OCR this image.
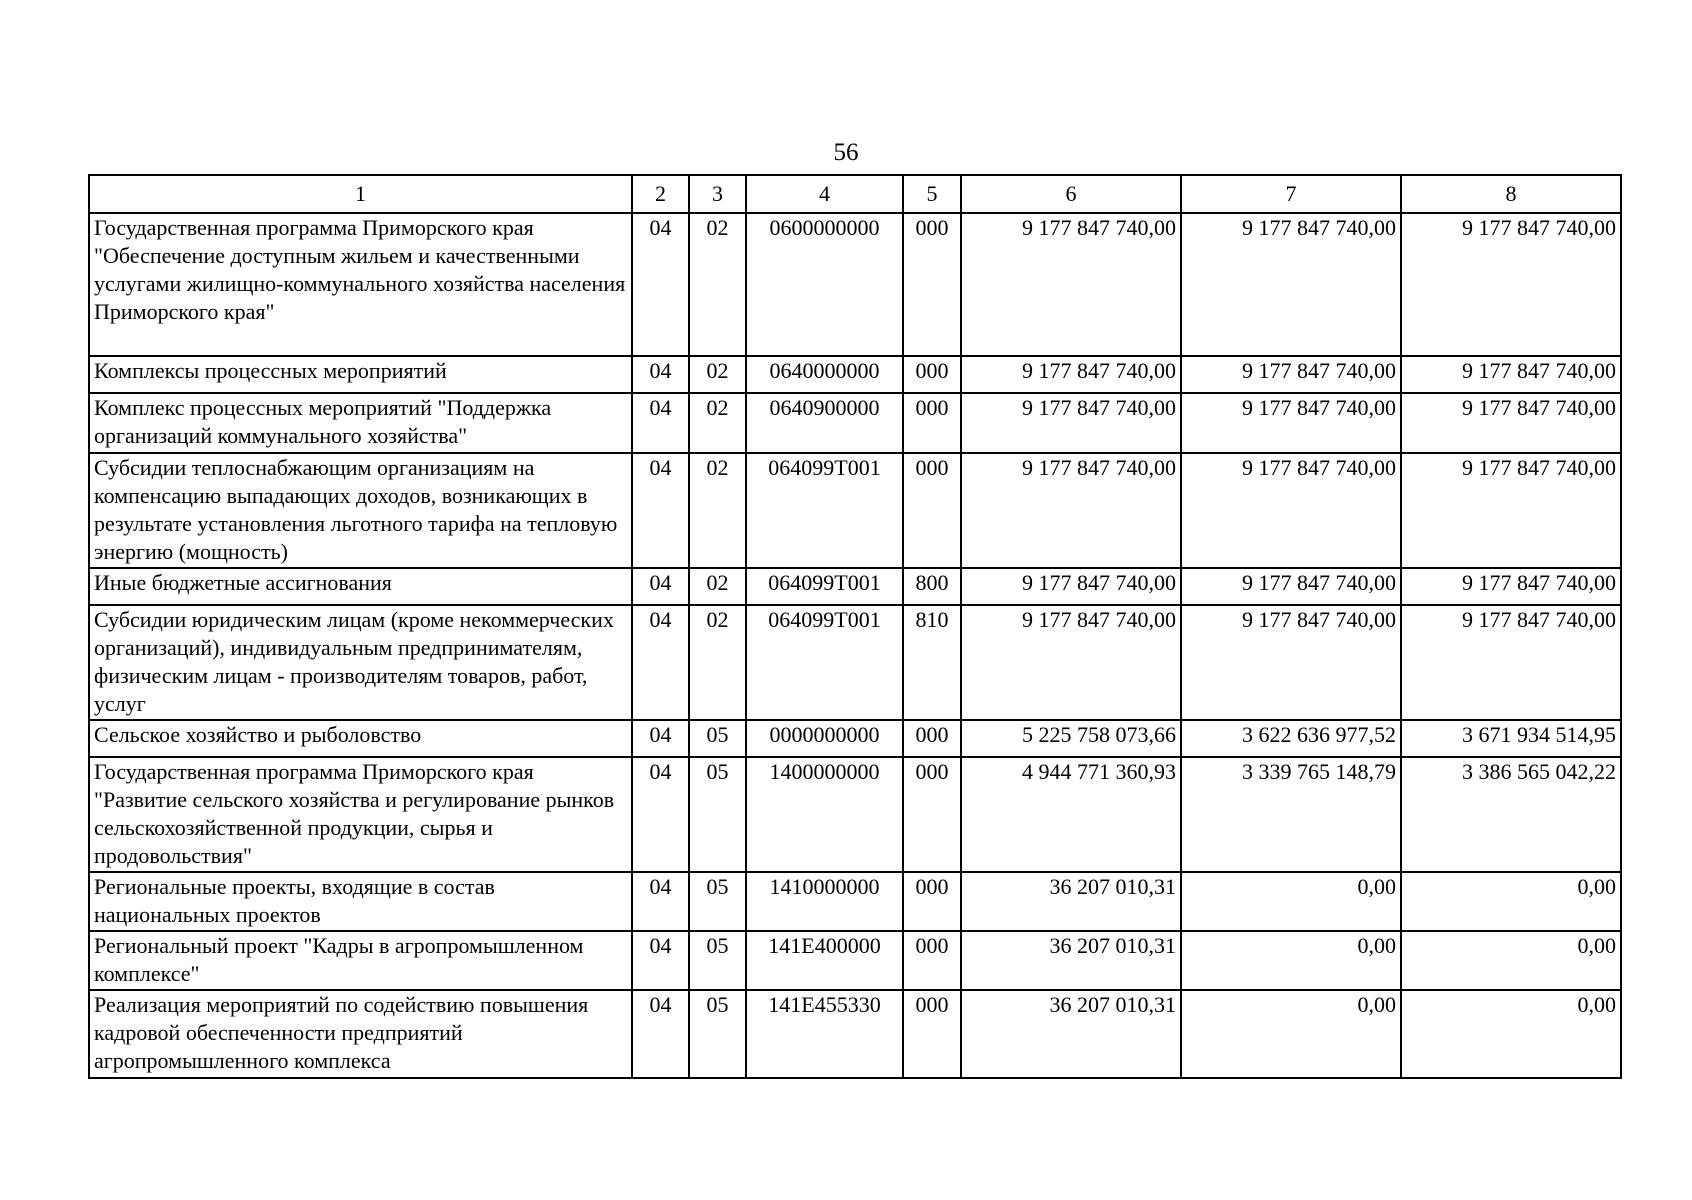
56
1	2	3	4	5	6	7	8
Государственная программа Приморского края "Обеспечение доступным жильем и качественными услугами жилищно-коммунального хозяйства населения Приморского края"	04	02	0600000000	000	9 177 847 740,00	9 177 847 740,00	9 177 847 740,00
Комплексы процессных мероприятий	04	02	0640000000	000	9 177 847 740,00	9 177 847 740,00	9 177 847 740,00
Комплекс процессных мероприятий "Поддержка организаций коммунального хозяйства"	04	02	0640900000	000	9 177 847 740,00	9 177 847 740,00	9 177 847 740,00
Субсидии теплоснабжающим организациям на компенсацию выпадающих доходов, возникающих в результате установления льготного тарифа на тепловую энергию (мощность)	04	02	064099Т001	000	9 177 847 740,00	9 177 847 740,00	9 177 847 740,00
Иные бюджетные ассигнования	04	02	064099Т001	800	9 177 847 740,00	9 177 847 740,00	9 177 847 740,00
Субсидии юридическим лицам (кроме некоммерческих организаций), индивидуальным предпринимателям, физическим лицам - производителям товаров, работ, услуг	04	02	064099Т001	810	9 177 847 740,00	9 177 847 740,00	9 177 847 740,00
Сельское хозяйство и рыболовство	04	05	0000000000	000	5 225 758 073,66	3 622 636 977,52	3 671 934 514,95
Государственная программа Приморского края "Развитие сельского хозяйства и регулирование рынков сельскохозяйственной продукции, сырья и продовольствия"	04	05	1400000000	000	4 944 771 360,93	3 339 765 148,79	3 386 565 042,22
Региональные проекты, входящие в состав национальных проектов	04	05	1410000000	000	36 207 010,31	0,00	0,00
Региональный проект "Кадры в агропромышленном комплексе"	04	05	141Е400000	000	36 207 010,31	0,00	0,00
Реализация мероприятий по содействию повышения кадровой обеспеченности предприятий агропромышленного комплекса	04	05	141Е455330	000	36 207 010,31	0,00	0,00
